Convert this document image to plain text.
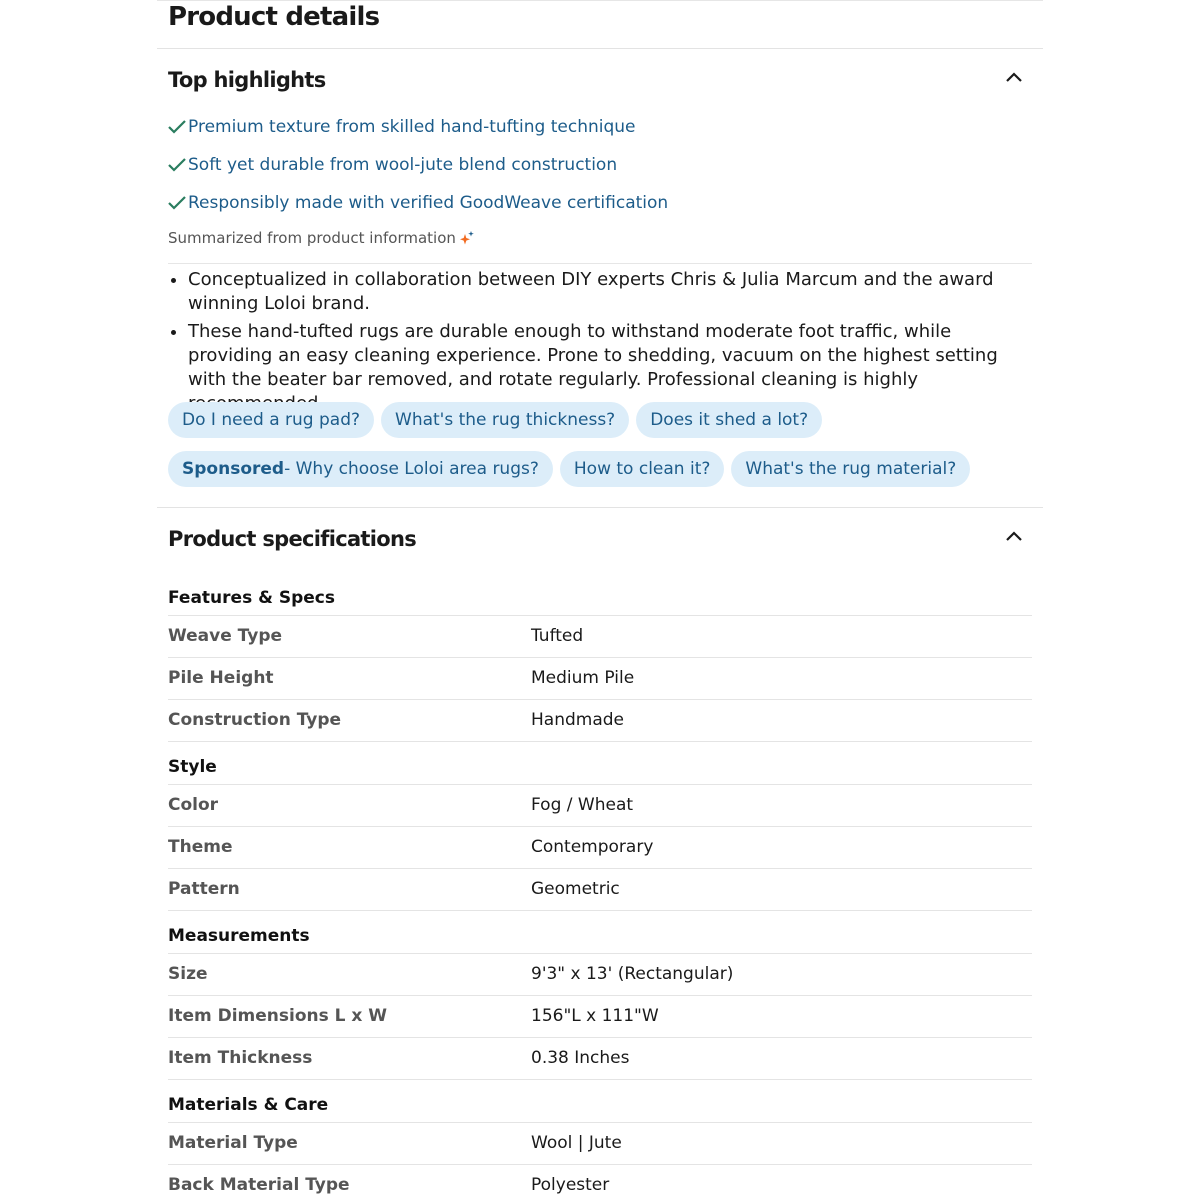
Product details
Top highlights
Premium texture from skilled hand-tufting technique
Soft yet durable from wool-jute blend construction
Responsibly made with verified GoodWeave certification
Summarized from product information
• Conceptualized in collaboration between DIY experts Chris & Julia Marcum and the award winning Loloi brand.
• These hand-tufted rugs are durable enough to withstand moderate foot traffic, while providing an easy cleaning experience. Prone to shedding, vacuum on the highest setting with the beater bar removed, and rotate regularly. Professional cleaning is highly
Do I need a rug pad?	What's the rug thickness?	Does it shed a lot?
Sponsored - Why choose Loloi area rugs?	How to clean it?	What's the rug material?
Product specifications
Features & Specs
Weave Type	Tufted
Pile Height	Medium Pile
Construction Type	Handmade
Style
Color	Fog / Wheat
Theme	Contemporary
Pattern	Geometric
Measurements
Size	9'3" x 13' (Rectangular)
Item Dimensions L x W	156"L x 111"W
Item Thickness	0.38 Inches
Materials & Care
Material Type	Wool | Jute
Back Material Type	Polyester
